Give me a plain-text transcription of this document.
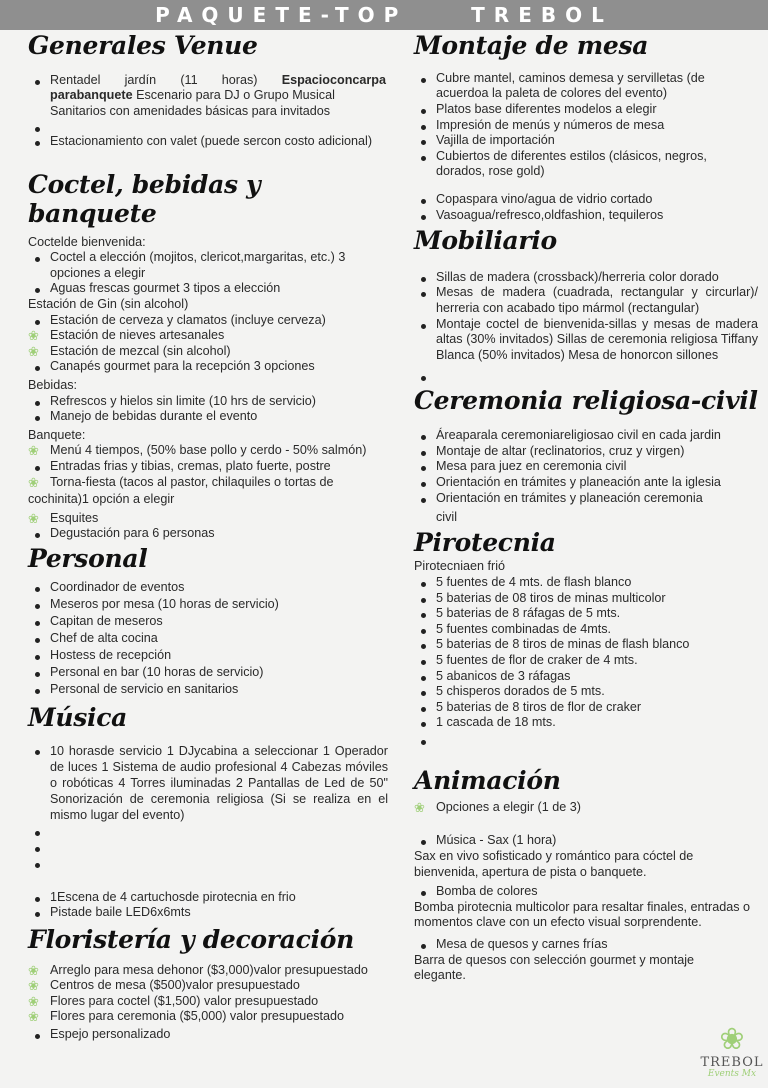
PAQUETE-TOP    TREBOL
Generales Venue
Rentadel jardín (11 horas) Espacioconcarpa parabanquete Escenario para DJ o Grupo Musical
Sanitarios con amenidades básicas para invitados
Estacionamiento con valet (puede sercon costo adicional)
Coctel, bebidas y banquete
Coctelde bienvenida:
Coctel a elección (mojitos, clericot,margaritas, etc.) 3 opciones a elegir
Aguas frescas gourmet 3 tipos a elección
Estación de Gin (sin alcohol)
Estación de cerveza y clamatos (incluye cerveza)
❀ Estación de nieves artesanales
❀ Estación de mezcal (sin alcohol)
Canapés gourmet para la recepción 3 opciones
Bebidas:
Refrescos y hielos sin limite (10 hrs de servicio)
Manejo de bebidas durante el evento
Banquete:
❀ Menú 4 tiempos, (50% base pollo y cerdo - 50% salmón)
Entradas frias y tibias, cremas, plato fuerte, postre
❀ Torna-fiesta (tacos al pastor, chilaquiles o tortas de
cochinita)1 opción a elegir
❀ Esquites
Degustación para 6 personas
Personal
Coordinador de eventos
Meseros por mesa (10 horas de servicio)
Capitan de meseros
Chef de alta cocina
Hostess de recepción
Personal en bar (10 horas de servicio)
Personal de servicio en sanitarios
Música
10 horasde servicio 1 DJycabina a seleccionar 1 Operador de luces 1 Sistema de audio profesional 4 Cabezas móviles o robóticas 4 Torres iluminadas 2 Pantallas de Led de 50" Sonorización de ceremonia religiosa (Si se realiza en el mismo lugar del evento)
1Escena de 4 cartuchosde pirotecnia en frio
Pistade baile LED6x6mts
Floristería y decoración
❀ Arreglo para mesa dehonor ($3,000)valor presupuestado
❀ Centros de mesa ($500)valor presupuestado
❀ Flores para coctel ($1,500) valor presupuestado
❀ Flores para ceremonia ($5,000) valor presupuestado
Espejo personalizado
Montaje de mesa
Cubre mantel, caminos demesa y servilletas (de acuerdoa la paleta de colores del evento)
Platos base diferentes modelos a elegir
Impresión de menús y números de mesa
Vajilla de importación
Cubiertos de diferentes estilos (clásicos, negros, dorados, rose gold)
Copaspara vino/agua de vidrio cortado
Vasoagua/refresco,oldfashion, tequileros
Mobiliario
Sillas de madera (crossback)/herreria color dorado
Mesas de madera (cuadrada, rectangular y circurlar)/ herreria con acabado tipo mármol (rectangular)
Montaje coctel de bienvenida-sillas y mesas de madera altas (30% invitados) Sillas de ceremonia religiosa Tiffany Blanca (50% invitados) Mesa de honorcon sillones
Ceremonia religiosa-civil
Áreaparala ceremoniareligiosao civil en cada jardin
Montaje de altar (reclinatorios, cruz y virgen)
Mesa para juez en ceremonia civil
Orientación en trámites y planeación ante la iglesia
Orientación en trámites y planeación ceremonia
civil
Pirotecnia
Pirotecniaen frió
5 fuentes de 4 mts. de flash blanco
5 baterias de 08 tiros de minas multicolor
5 baterias de 8 ráfagas de 5 mts.
5 fuentes combinadas de 4mts.
5 baterias de 8 tiros de minas de flash blanco
5 fuentes de flor de craker de 4 mts.
5 abanicos de 3 ráfagas
5 chisperos dorados de 5 mts.
5 baterias de 8 tiros de flor de craker
1 cascada de 18 mts.
Animación
❀ Opciones a elegir (1 de 3)
Música - Sax (1 hora)
Sax en vivo sofisticado y romántico para cóctel de bienvenida, apertura de pista o banquete.
Bomba de colores
Bomba pirotecnia multicolor para resaltar finales, entradas o momentos clave con un efecto visual sorprendente.
Mesa de quesos y carnes frías
Barra de quesos con selección gourmet y montaje elegante.
❀
TREBOL
Events Mx
